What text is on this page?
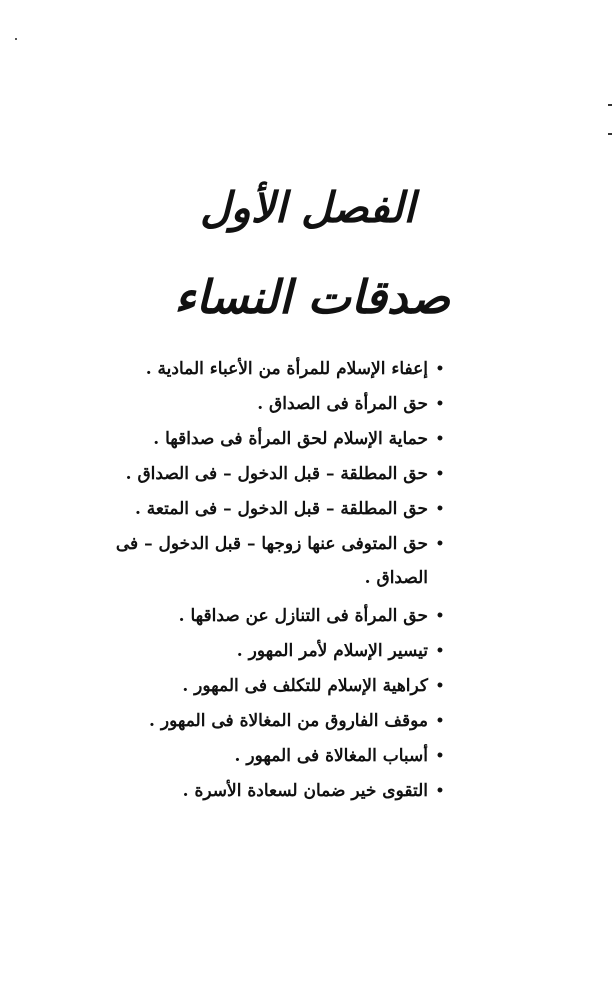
الفصل الأول
صدقات النساء
•
إعفاء الإسلام للمرأة من الأعباء المادية .
•
حق المرأة فى الصداق .
•
حماية الإسلام لحق المرأة فى صداقها .
•
حق المطلقة – قبل الدخول – فى الصداق .
•
حق المطلقة – قبل الدخول – فى المتعة .
•
حق المتوفى عنها زوجها – قبل الدخول – فى الصداق .
•
حق المرأة فى التنازل عن صداقها .
•
تيسير الإسلام لأمر المهور .
•
كراهية الإسلام للتكلف فى المهور .
•
موقف الفاروق من المغالاة فى المهور .
•
أسباب المغالاة فى المهور .
•
التقوى خير ضمان لسعادة الأسرة .
